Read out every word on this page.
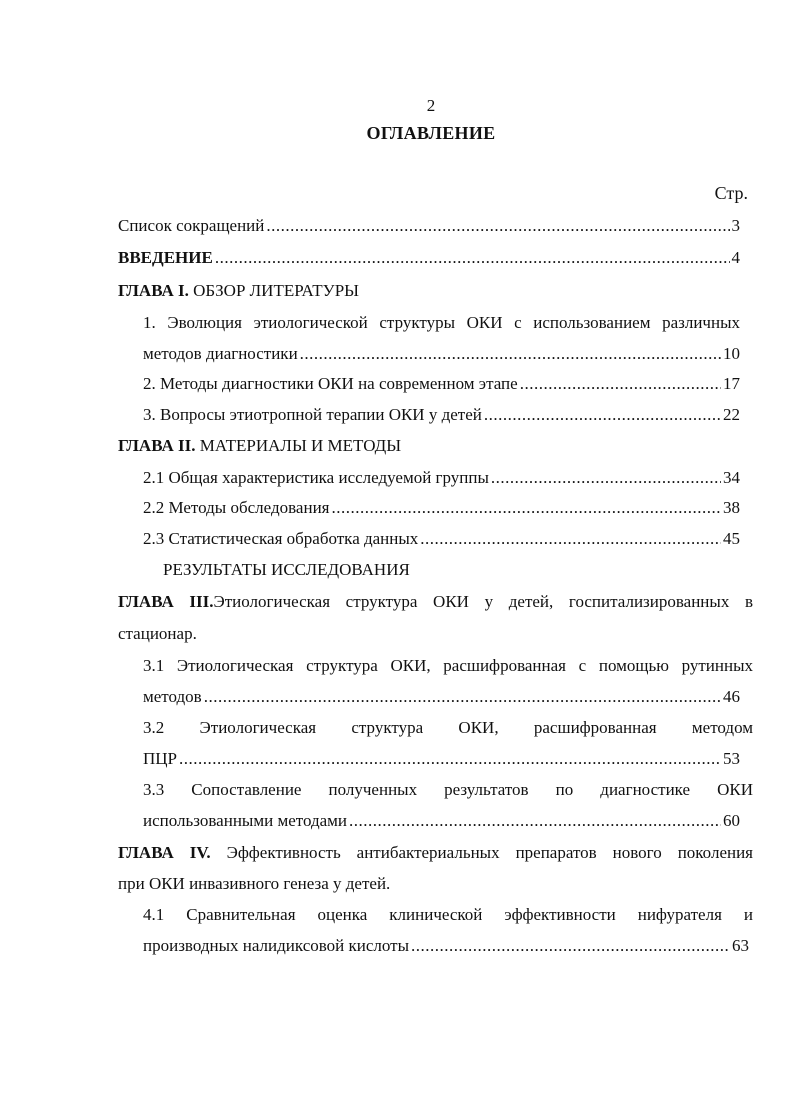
2
ОГЛАВЛЕНИЕ
Стр.
Список сокращений .....	3
ВВЕДЕНИЕ .....	4
ГЛАВА I. ОБЗОР ЛИТЕРАТУРЫ
1. Эволюция этиологической структуры ОКИ с использованием различных
методов диагностики .....	10
2. Методы диагностики ОКИ на современном этапе .....	17
3. Вопросы этиотропной терапии ОКИ у детей .....	22
ГЛАВА II. МАТЕРИАЛЫ И МЕТОДЫ
2.1 Общая характеристика исследуемой группы .....	34
2.2 Методы обследования .....	38
2.3 Статистическая обработка данных .....	45
РЕЗУЛЬТАТЫ ИССЛЕДОВАНИЯ
ГЛАВА III.Этиологическая структура ОКИ у детей, госпитализированных в
стационар.
3.1 Этиологическая структура ОКИ, расшифрованная с помощью рутинных
методов .....	46
3.2 Этиологическая структура ОКИ, расшифрованная методом
ПЦР .....	53
3.3 Сопоставление полученных результатов по диагностике ОКИ
использованными методами .....	60
ГЛАВА IV. Эффективность антибактериальных препаратов нового поколения
при ОКИ инвазивного генеза у детей.
4.1 Сравнительная оценка клинической эффективности нифурателя и
производных налидиксовой кислоты .....	63
